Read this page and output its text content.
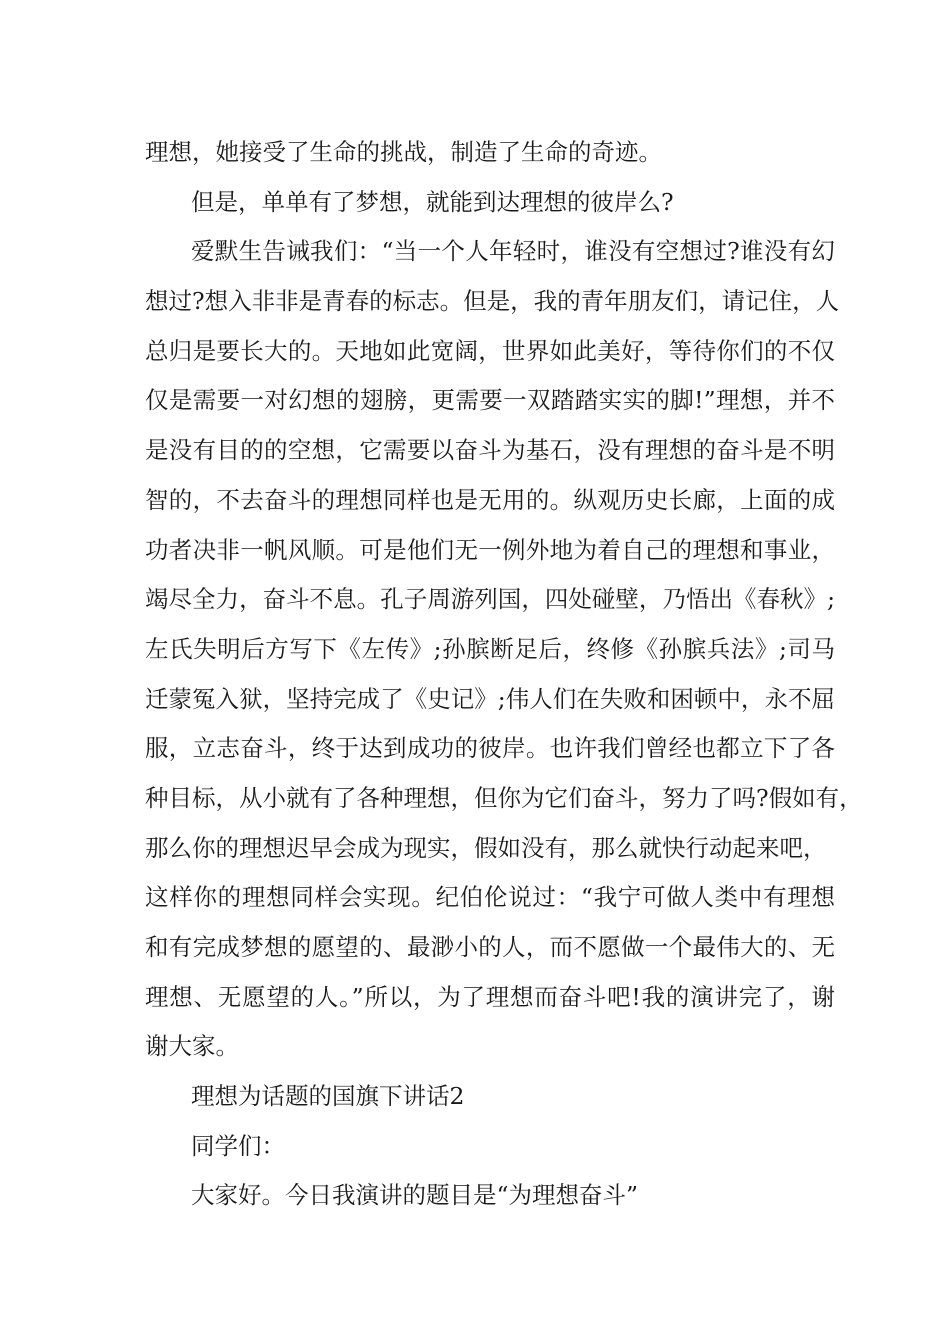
理想，她接受了生命的挑战，制造了生命的奇迹。
但是，单单有了梦想，就能到达理想的彼岸么?
爱默生告诫我们：“当一个人年轻时，谁没有空想过?谁没有幻
想过?想入非非是青春的标志。但是，我的青年朋友们，请记住，人
总归是要长大的。天地如此宽阔，世界如此美好，等待你们的不仅
仅是需要一对幻想的翅膀，更需要一双踏踏实实的脚!”理想，并不
是没有目的的空想，它需要以奋斗为基石，没有理想的奋斗是不明
智的，不去奋斗的理想同样也是无用的。纵观历史长廊，上面的成
功者决非一帆风顺。可是他们无一例外地为着自己的理想和事业，
竭尽全力，奋斗不息。孔子周游列国，四处碰壁，乃悟出《春秋》;
左氏失明后方写下《左传》;孙膑断足后，终修《孙膑兵法》;司马
迁蒙冤入狱，坚持完成了《史记》;伟人们在失败和困顿中，永不屈
服，立志奋斗，终于达到成功的彼岸。也许我们曾经也都立下了各
种目标，从小就有了各种理想，但你为它们奋斗，努力了吗?假如有，
那么你的理想迟早会成为现实，假如没有，那么就快行动起来吧，
这样你的理想同样会实现。纪伯伦说过：“我宁可做人类中有理想
和有完成梦想的愿望的、最渺小的人，而不愿做一个最伟大的、无
理想、无愿望的人。”所以，为了理想而奋斗吧!我的演讲完了，谢
谢大家。
理想为话题的国旗下讲话2
同学们：
大家好。今日我演讲的题目是“为理想奋斗”
